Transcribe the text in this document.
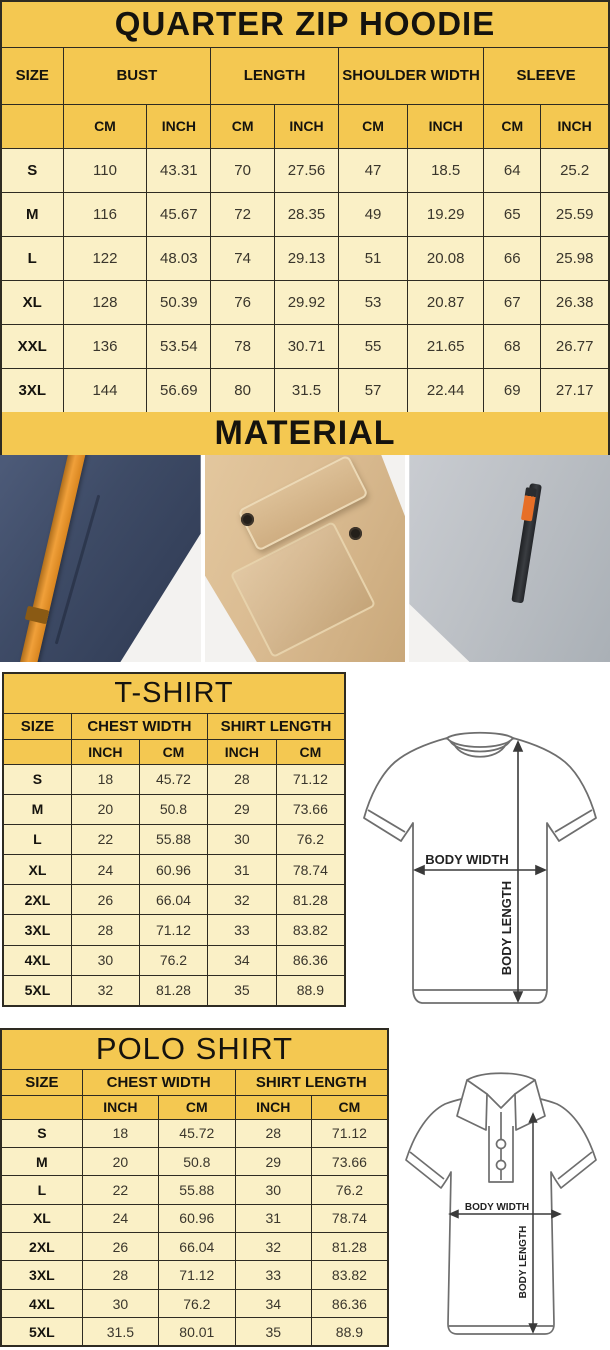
QUARTER ZIP HOODIE								
SIZE	BUST		LENGTH		SHOULDER WIDTH		SLEEVE	
	CM	INCH	CM	INCH	CM	INCH	CM	INCH
S	110	43.31	70	27.56	47	18.5	64	25.2
M	116	45.67	72	28.35	49	19.29	65	25.59
L	122	48.03	74	29.13	51	20.08	66	25.98
XL	128	50.39	76	29.92	53	20.87	67	26.38
XXL	136	53.54	78	30.71	55	21.65	68	26.77
3XL	144	56.69	80	31.5	57	22.44	69	27.17
MATERIAL
T-SHIRT				
SIZE	CHEST WIDTH		SHIRT LENGTH	
	INCH	CM	INCH	CM
S	18	45.72	28	71.12
M	20	50.8	29	73.66
L	22	55.88	30	76.2
XL	24	60.96	31	78.74
2XL	26	66.04	32	81.28
3XL	28	71.12	33	83.82
4XL	30	76.2	34	86.36
5XL	32	81.28	35	88.9
BODY WIDTH
BODY LENGTH
POLO SHIRT				
SIZE	CHEST WIDTH		SHIRT LENGTH	
	INCH	CM	INCH	CM
S	18	45.72	28	71.12
M	20	50.8	29	73.66
L	22	55.88	30	76.2
XL	24	60.96	31	78.74
2XL	26	66.04	32	81.28
3XL	28	71.12	33	83.82
4XL	30	76.2	34	86.36
5XL	31.5	80.01	35	88.9
BODY WIDTH
BODY LENGTH
